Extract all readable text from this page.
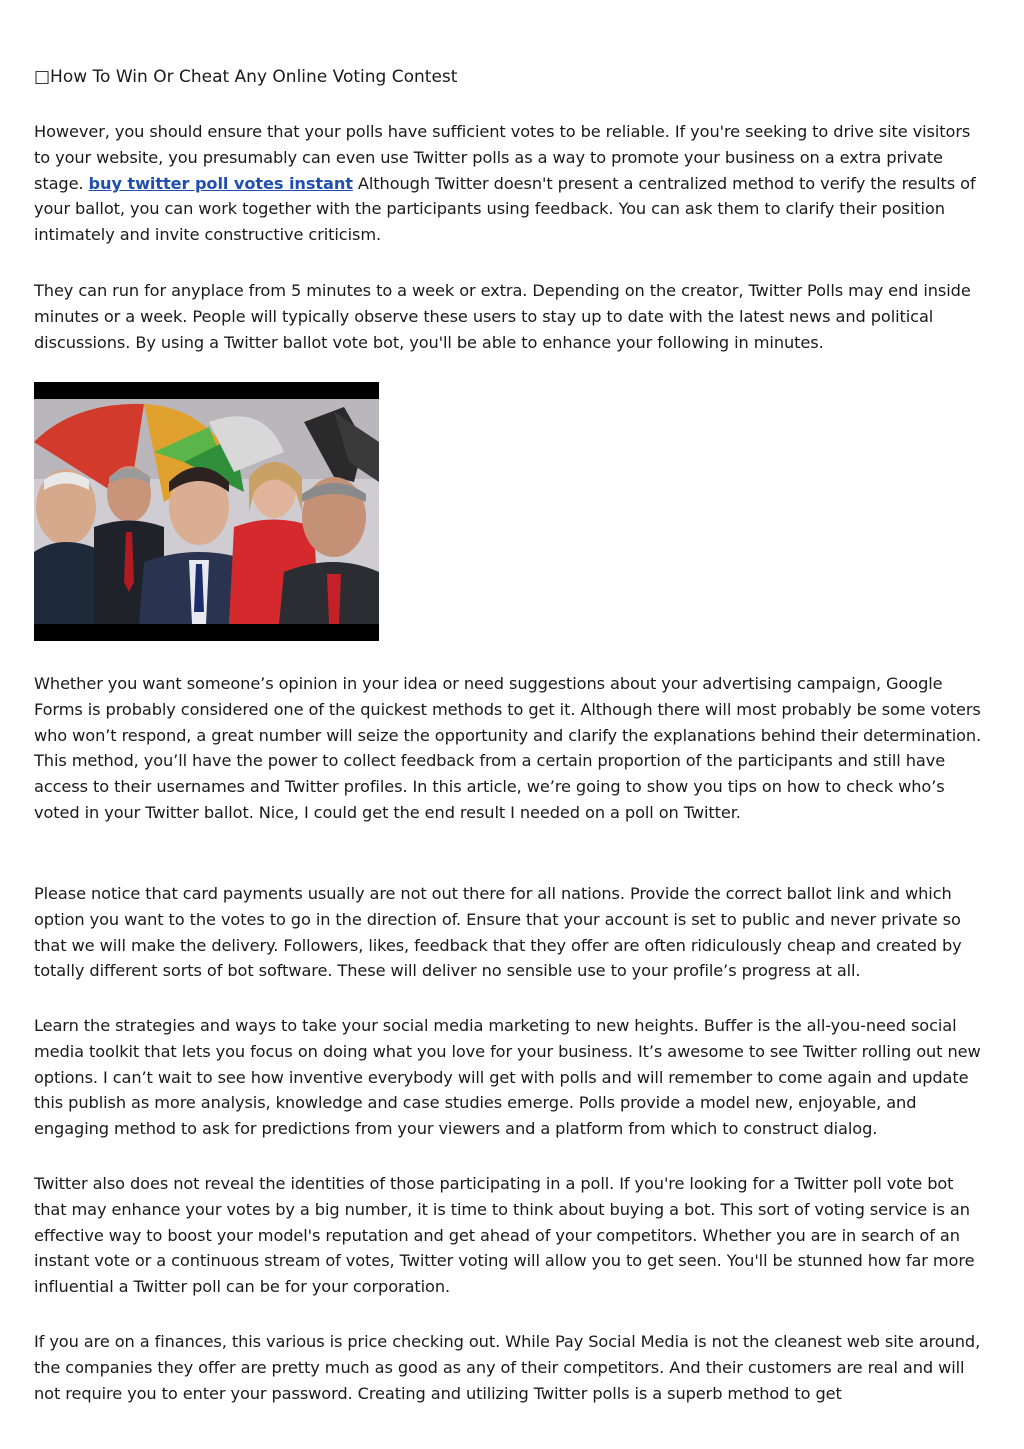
□How To Win Or Cheat Any Online Voting Contest

However, you should ensure that your polls have sufficient votes to be reliable. If you're seeking to drive site visitors to your website, you presumably can even use Twitter polls as a way to promote your business on a extra private stage. buy twitter poll votes instant Although Twitter doesn't present a centralized method to verify the results of your ballot, you can work together with the participants using feedback. You can ask them to clarify their position intimately and invite constructive criticism.

They can run for anyplace from 5 minutes to a week or extra. Depending on the creator, Twitter Polls may end inside minutes or a week. People will typically observe these users to stay up to date with the latest news and political discussions. By using a Twitter ballot vote bot, you'll be able to enhance your following in minutes.

Whether you want someone’s opinion in your idea or need suggestions about your advertising campaign, Google Forms is probably considered one of the quickest methods to get it. Although there will most probably be some voters who won’t respond, a great number will seize the opportunity and clarify the explanations behind their determination. This method, you’ll have the power to collect feedback from a certain proportion of the participants and still have access to their usernames and Twitter profiles. In this article, we’re going to show you tips on how to check who’s voted in your Twitter ballot. Nice, I could get the end result I needed on a poll on Twitter.

Please notice that card payments usually are not out there for all nations. Provide the correct ballot link and which option you want to the votes to go in the direction of. Ensure that your account is set to public and never private so that we will make the delivery. Followers, likes, feedback that they offer are often ridiculously cheap and created by totally different sorts of bot software. These will deliver no sensible use to your profile’s progress at all.

Learn the strategies and ways to take your social media marketing to new heights. Buffer is the all-you-need social media toolkit that lets you focus on doing what you love for your business. It’s awesome to see Twitter rolling out new options. I can’t wait to see how inventive everybody will get with polls and will remember to come again and update this publish as more analysis, knowledge and case studies emerge. Polls provide a model new, enjoyable, and engaging method to ask for predictions from your viewers and a platform from which to construct dialog.

Twitter also does not reveal the identities of those participating in a poll. If you're looking for a Twitter poll vote bot that may enhance your votes by a big number, it is time to think about buying a bot. This sort of voting service is an effective way to boost your model's reputation and get ahead of your competitors. Whether you are in search of an instant vote or a continuous stream of votes, Twitter voting will allow you to get seen. You'll be stunned how far more influential a Twitter poll can be for your corporation.

If you are on a finances, this various is price checking out. While Pay Social Media is not the cleanest web site around, the companies they offer are pretty much as good as any of their competitors. And their customers are real and will not require you to enter your password. Creating and utilizing Twitter polls is a superb method to get
